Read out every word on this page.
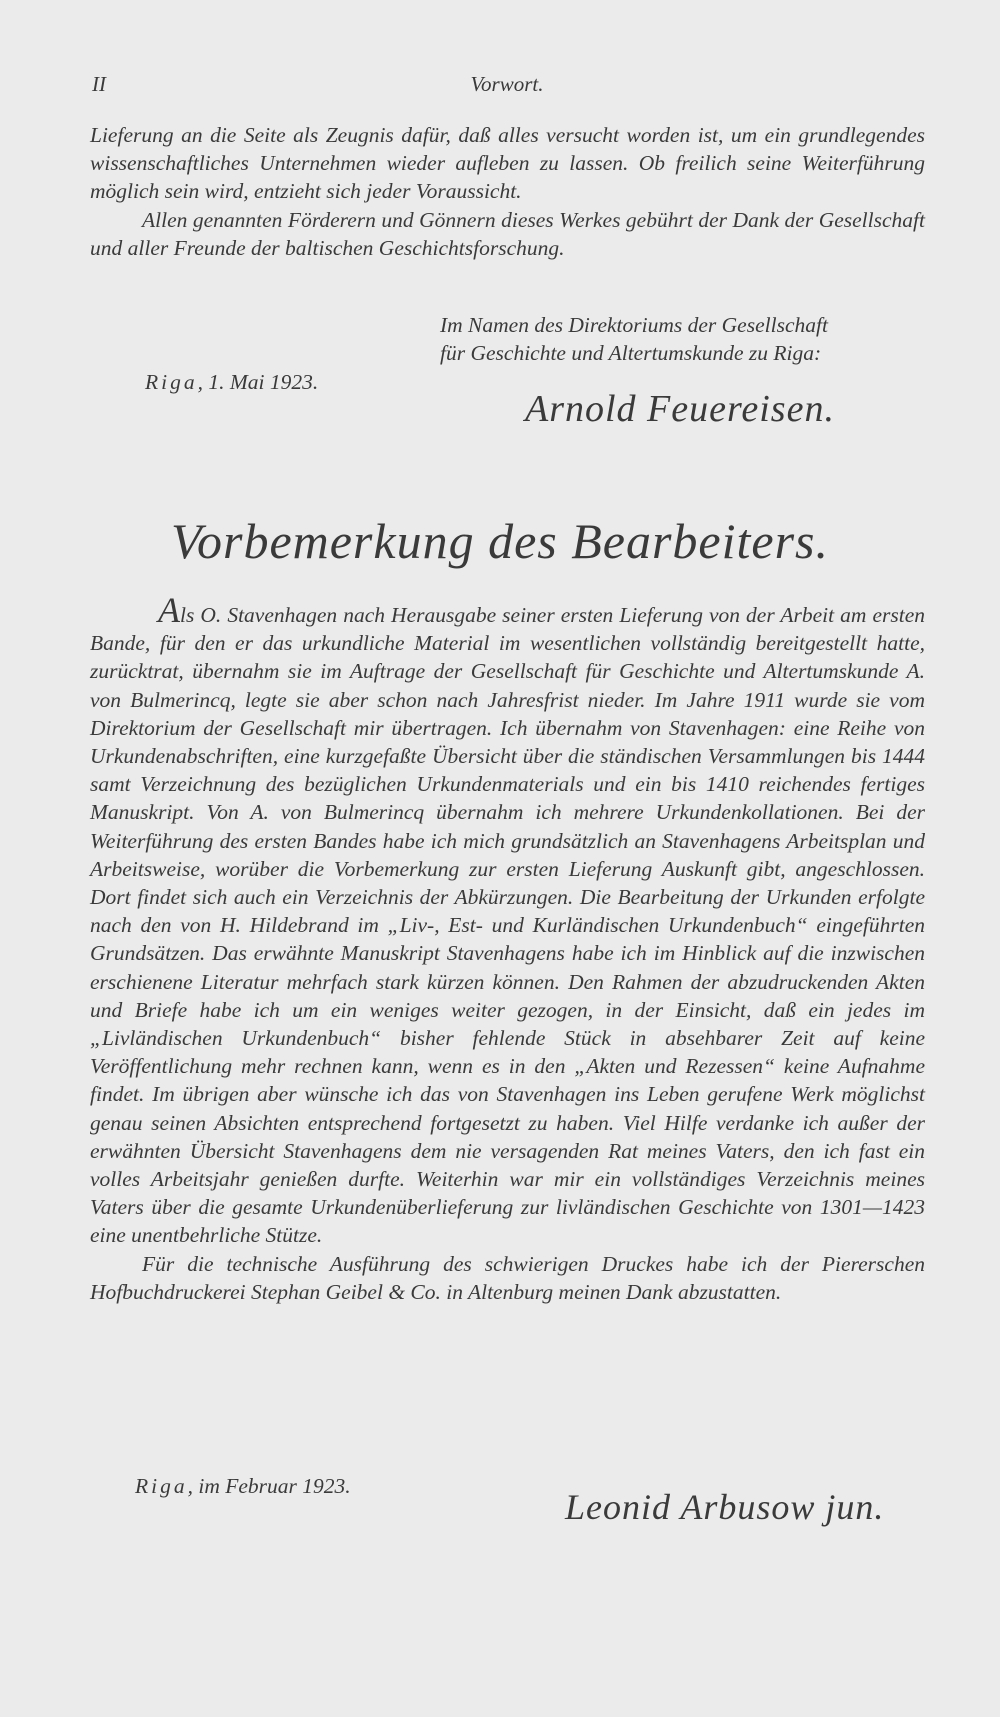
II	Vorwort.

Lieferung an die Seite als Zeugnis dafür, daß alles versucht worden ist, um ein grundlegendes wissenschaftliches Unternehmen wieder aufleben zu lassen. Ob freilich seine Weiterführung möglich sein wird, entzieht sich jeder Voraussicht.

Allen genannten Förderern und Gönnern dieses Werkes gebührt der Dank der Gesellschaft und aller Freunde der baltischen Geschichtsforschung.

Im Namen des Direktoriums der Gesellschaft
für Geschichte und Altertumskunde zu Riga:
Riga, 1. Mai 1923.
Arnold Feuereisen.
Vorbemerkung des Bearbeiters.

Als O. Stavenhagen nach Herausgabe seiner ersten Lieferung von der Arbeit am ersten Bande, für den er das urkundliche Material im wesentlichen vollständig bereitgestellt hatte, zurücktrat, übernahm sie im Auftrage der Gesellschaft für Geschichte und Altertumskunde A. von Bulmerincq, legte sie aber schon nach Jahresfrist nieder. Im Jahre 1911 wurde sie vom Direktorium der Gesellschaft mir übertragen. Ich übernahm von Stavenhagen: eine Reihe von Urkundenabschriften, eine kurzgefaßte Übersicht über die ständischen Versammlungen bis 1444 samt Verzeichnung des bezüglichen Urkundenmaterials und ein bis 1410 reichendes fertiges Manuskript. Von A. von Bulmerincq übernahm ich mehrere Urkundenkollationen. Bei der Weiterführung des ersten Bandes habe ich mich grundsätzlich an Stavenhagens Arbeitsplan und Arbeitsweise, worüber die Vorbemerkung zur ersten Lieferung Auskunft gibt, angeschlossen. Dort findet sich auch ein Verzeichnis der Abkürzungen. Die Bearbeitung der Urkunden erfolgte nach den von H. Hildebrand im „Liv-, Est- und Kurländischen Urkundenbuch“ eingeführten Grundsätzen. Das erwähnte Manuskript Stavenhagens habe ich im Hinblick auf die inzwischen erschienene Literatur mehrfach stark kürzen können. Den Rahmen der abzudruckenden Akten und Briefe habe ich um ein weniges weiter gezogen, in der Einsicht, daß ein jedes im „Livländischen Urkundenbuch“ bisher fehlende Stück in absehbarer Zeit auf keine Veröffentlichung mehr rechnen kann, wenn es in den „Akten und Rezessen“ keine Aufnahme findet. Im übrigen aber wünsche ich das von Stavenhagen ins Leben gerufene Werk möglichst genau seinen Absichten entsprechend fortgesetzt zu haben. Viel Hilfe verdanke ich außer der erwähnten Übersicht Stavenhagens dem nie versagenden Rat meines Vaters, den ich fast ein volles Arbeitsjahr genießen durfte. Weiterhin war mir ein vollständiges Verzeichnis meines Vaters über die gesamte Urkundenüberlieferung zur livländischen Geschichte von 1301—1423 eine unentbehrliche Stütze.

Für die technische Ausführung des schwierigen Druckes habe ich der Piererschen Hofbuchdruckerei Stephan Geibel & Co. in Altenburg meinen Dank abzustatten.

Riga, im Februar 1923.
Leonid Arbusow jun.
